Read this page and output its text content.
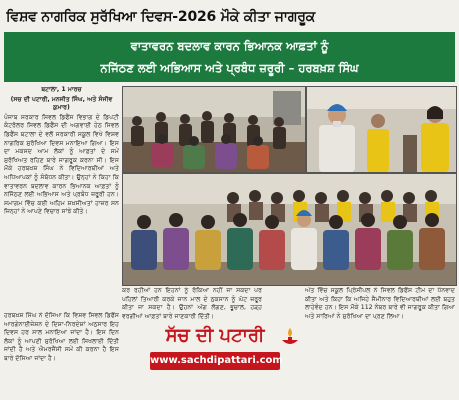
ਵਿਸ਼ਵ ਨਾਗਰਿਕ ਸੁਰੱਖਿਆ ਦਿਵਸ-2026 ਮੌਕੇ ਕੀਤਾ ਜਾਗਰੂਕ
ਵਾਤਾਵਰਨ ਬਦਲਾਵ ਕਾਰਨ ਭਿਆਨਕ ਆਫ਼ਤਾਂ ਨੂੰ
ਨਜਿੱਠਣ ਲਈ ਅਭਿਆਸ ਅਤੇ ਪ੍ਰਬੰਧ ਜ਼ਰੂਰੀ – ਹਰਬਖ਼ਸ਼ ਸਿੰਘ
ਬਟਾਲਾ, 1 ਮਾਰਚ
(ਸਚ ਦੀ ਪਟਾਰੀ, ਮਨਜੀਤ ਸਿੰਘ, ਅਤੇ ਸੰਜੀਵ ਕੁਮਾਰ)
ਪੰਜਾਬ ਸਰਕਾਰ ਸਿਵਲ ਡਿਫੈਂਸ ਵਿਭਾਗ ਦੇ ਡਿਪਟੀ ਕੰਟਰੋਲਰ ਸਿਵਲ ਡਿਫੈਂਸ ਦੀ ਅਗਵਾਈ ਹੇਠ ਸਿਵਲ ਡਿਫੈਂਸ ਬਟਾਲਾ ਦੇ ਵਲੋਂ ਸਰਕਾਰੀ ਸਕੂਲ ਵਿਖੇ ਵਿਸ਼ਵ ਨਾਗਰਿਕ ਸੁਰੱਖਿਆ ਦਿਵਸ ਮਨਾਇਆ ਗਿਆ। ਇਸ ਦਾ ਮਕਸਦ ਆਮ ਲੋਕਾਂ ਨੂੰ ਆਫ਼ਤਾਂ ਦੇ ਸਮੇਂ ਸੁਰੱਖਿਅਤ ਰਹਿਣ ਬਾਰੇ ਜਾਗਰੂਕ ਕਰਨਾ ਸੀ। ਇਸ ਮੌਕੇ ਹਰਬਖ਼ਸ਼ ਸਿੰਘ ਨੇ ਵਿਦਿਆਰਥੀਆਂ ਅਤੇ ਅਧਿਆਪਕਾਂ ਨੂੰ ਸੰਬੋਧਨ ਕੀਤਾ। ਉਨ੍ਹਾਂ ਨੇ ਕਿਹਾ ਕਿ ਵਾਤਾਵਰਨ ਬਦਲਾਵ ਕਾਰਨ ਭਿਆਨਕ ਆਫ਼ਤਾਂ ਨੂੰ ਨਜਿੱਠਣ ਲਈ ਅਭਿਆਸ ਅਤੇ ਪ੍ਰਬੰਧ ਜ਼ਰੂਰੀ ਹਨ। ਸਮਾਗਮ ਵਿੱਚ ਕਈ ਅਹਿਮ ਸ਼ਖ਼ਸੀਅਤਾਂ ਹਾਜ਼ਰ ਸਨ ਜਿਨ੍ਹਾਂ ਨੇ ਆਪਣੇ ਵਿਚਾਰ ਸਾਂਝੇ ਕੀਤੇ।
ਹਰਬਖ਼ਸ਼ ਸਿੰਘ ਨੇ ਦੱਸਿਆ ਕਿ ਵਿਸ਼ਵ ਸਿਵਲ ਡਿਫੈਂਸ ਆਰਗੇਨਾਈਜ਼ੇਸ਼ਨ ਦੇ ਦਿਸ਼ਾ-ਨਿਰਦੇਸ਼ਾਂ ਅਨੁਸਾਰ ਇਹ ਦਿਵਸ ਹਰ ਸਾਲ ਮਨਾਇਆ ਜਾਂਦਾ ਹੈ। ਇਸ ਦਿਨ ਲੋਕਾਂ ਨੂੰ ਆਪਣੀ ਸੁਰੱਖਿਆ ਲਈ ਸਿਖਲਾਈ ਦਿੱਤੀ ਜਾਂਦੀ ਹੈ ਅਤੇ ਐਮਰਜੈਂਸੀ ਸਮੇਂ ਕੀ ਕਰਨਾ ਹੈ ਇਸ ਬਾਰੇ ਦੱਸਿਆ ਜਾਂਦਾ ਹੈ।
ਕਰ ਰਹੀਆਂ ਹਨ ਇਹਨਾਂ ਨੂੰ ਰੋਕਿਆ ਨਹੀਂ ਜਾ ਸਕਦਾ ਪਰ ਪਹਿਲਾਂ ਤਿਆਰੀ ਕਰਕੇ ਜਾਨ ਮਾਲ ਦੇ ਨੁਕਸਾਨ ਨੂੰ ਘੱਟ ਜ਼ਰੂਰ ਕੀਤਾ ਜਾ ਸਕਦਾ ਹੈ। ਉਹਨਾਂ ਅੱਗ ਲੱਗਣ, ਭੂਚਾਲ, ਹੜ੍ਹ ਵਰਗੀਆਂ ਆਫ਼ਤਾਂ ਬਾਰੇ ਜਾਣਕਾਰੀ ਦਿੱਤੀ।
ਅੰਤ ਵਿੱਚ ਸਕੂਲ ਪ੍ਰਿੰਸੀਪਲ ਨੇ ਸਿਵਲ ਡਿਫੈਂਸ ਟੀਮ ਦਾ ਧੰਨਵਾਦ ਕੀਤਾ ਅਤੇ ਕਿਹਾ ਕਿ ਅਜਿਹੇ ਸੈਮੀਨਾਰ ਵਿਦਿਆਰਥੀਆਂ ਲਈ ਬਹੁਤ ਲਾਹੇਵੰਦ ਹਨ। ਇਸ ਮੌਕੇ 112 ਨੰਬਰ ਬਾਰੇ ਵੀ ਜਾਗਰੂਕ ਕੀਤਾ ਗਿਆ ਅਤੇ ਸਾਰਿਆਂ ਨੇ ਸੁਰੱਖਿਆ ਦਾ ਪ੍ਰਣ ਲਿਆ।
ਸੱਚ ਦੀ ਪਟਾਰੀ
www.sachdipattari.com
